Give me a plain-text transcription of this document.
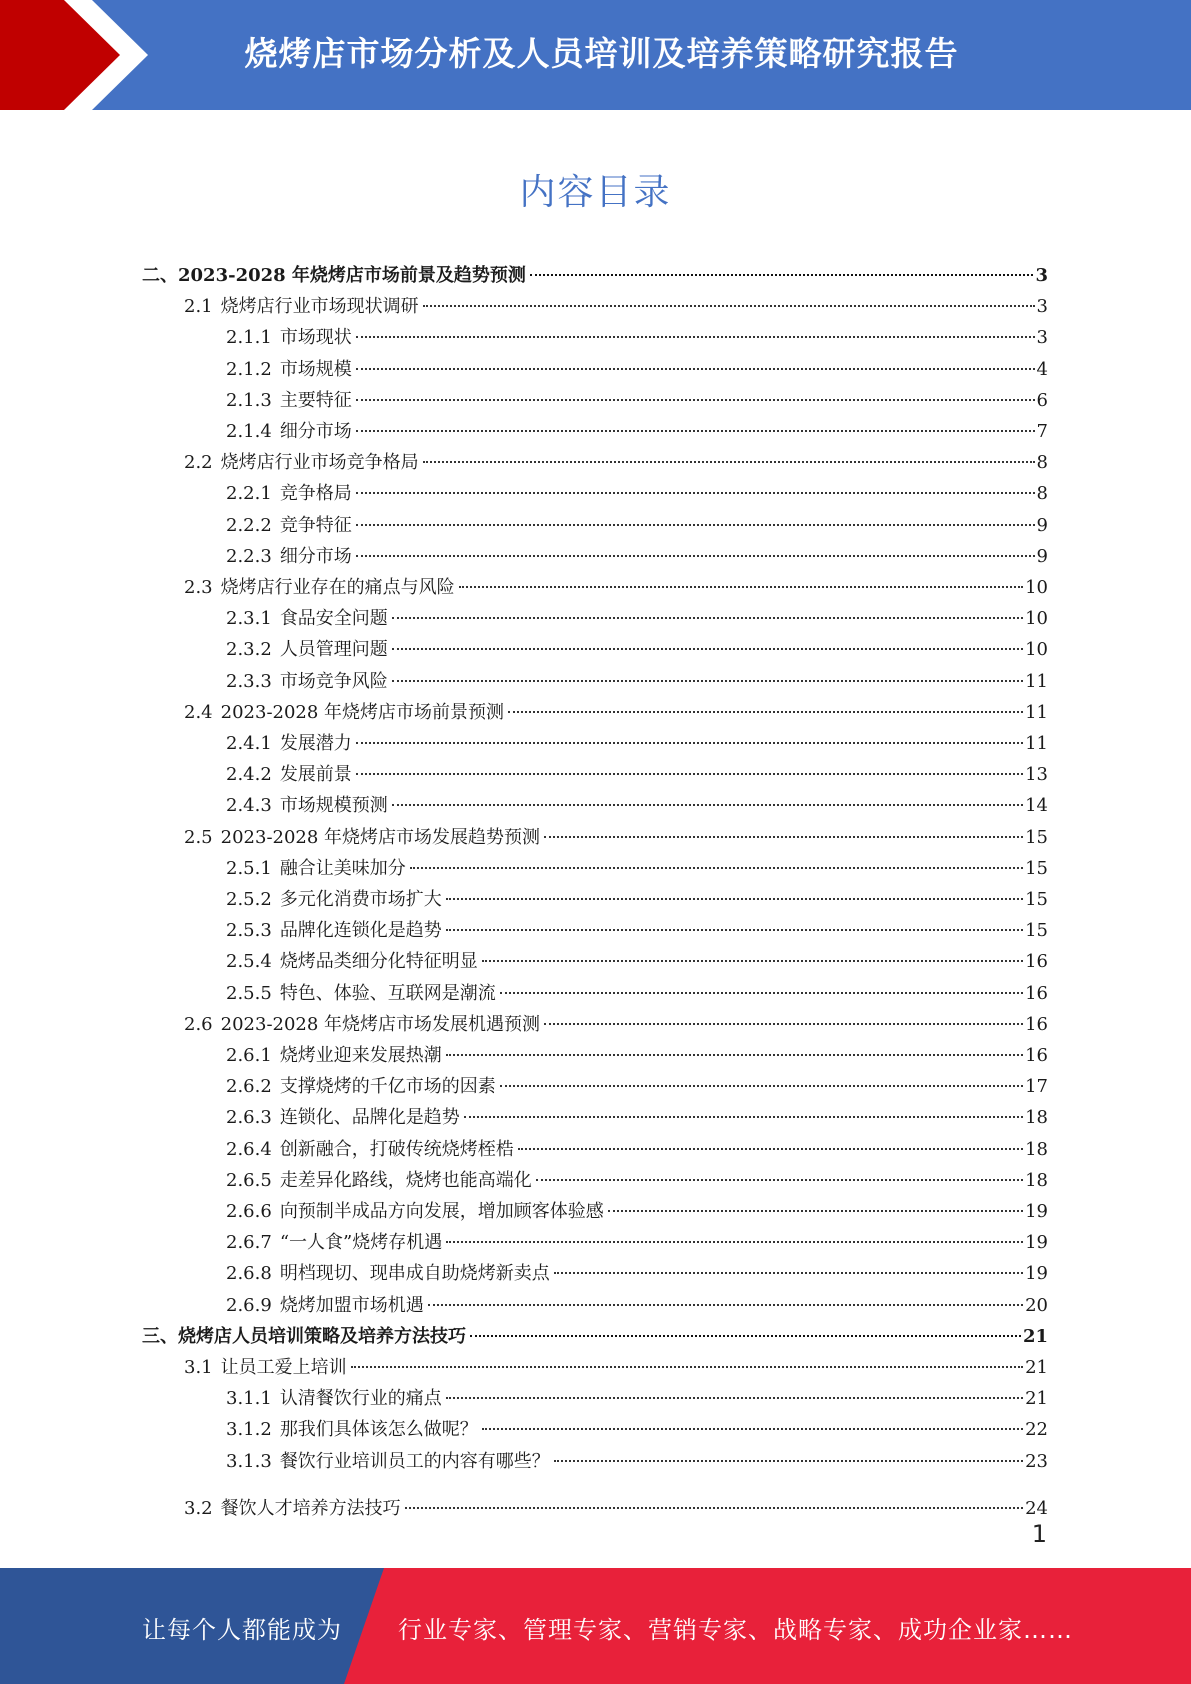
烧烤店市场分析及人员培训及培养策略研究报告
内容目录
二、 2023-2028 年烧烤店市场前景及趋势预测	3
2.1 烧烤店行业市场现状调研	3
2.1.1 市场现状	3
2.1.2 市场规模	4
2.1.3 主要特征	6
2.1.4 细分市场	7
2.2 烧烤店行业市场竞争格局	8
2.2.1 竞争格局	8
2.2.2 竞争特征	9
2.2.3 细分市场	9
2.3 烧烤店行业存在的痛点与风险	10
2.3.1 食品安全问题	10
2.3.2 人员管理问题	10
2.3.3 市场竞争风险	11
2.4 2023-2028 年烧烤店市场前景预测	11
2.4.1 发展潜力	11
2.4.2 发展前景	13
2.4.3 市场规模预测	14
2.5 2023-2028 年烧烤店市场发展趋势预测	15
2.5.1 融合让美味加分	15
2.5.2 多元化消费市场扩大	15
2.5.3 品牌化连锁化是趋势	15
2.5.4 烧烤品类细分化特征明显	16
2.5.5 特色、体验、互联网是潮流	16
2.6 2023-2028 年烧烤店市场发展机遇预测	16
2.6.1 烧烤业迎来发展热潮	16
2.6.2 支撑烧烤的千亿市场的因素	17
2.6.3 连锁化、品牌化是趋势	18
2.6.4 创新融合，打破传统烧烤桎梏	18
2.6.5 走差异化路线，烧烤也能高端化	18
2.6.6 向预制半成品方向发展，增加顾客体验感	19
2.6.7 “一人食”烧烤存机遇	19
2.6.8 明档现切、现串成自助烧烤新卖点	19
2.6.9 烧烤加盟市场机遇	20
三、 烧烤店人员培训策略及培养方法技巧	21
3.1 让员工爱上培训	21
3.1.1 认清餐饮行业的痛点	21
3.1.2 那我们具体该怎么做呢？	22
3.1.3 餐饮行业培训员工的内容有哪些？	23
3.2 餐饮人才培养方法技巧	24
1
让每个人都能成为 行业专家、管理专家、营销专家、战略专家、成功企业家……
